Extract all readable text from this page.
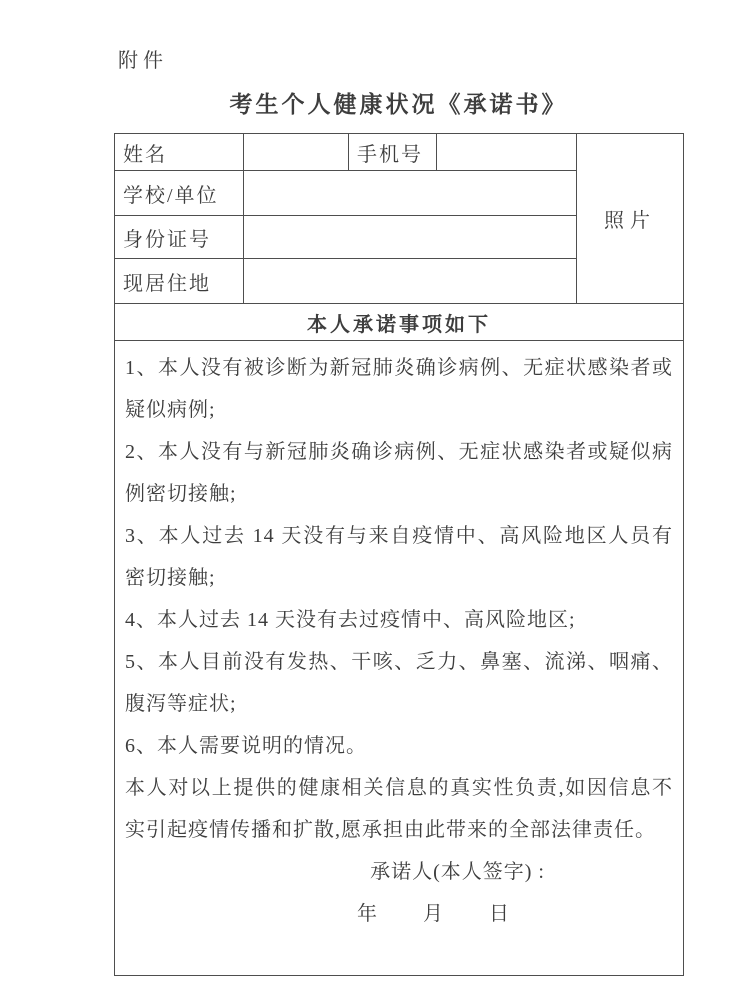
附件
考生个人健康状况《承诺书》
姓名		手机号		照片
学校/单位				
身份证号				
现居住地				
本人承诺事项如下				

1、本人没有被诊断为新冠肺炎确诊病例、无症状感染者或疑似病例;

2、本人没有与新冠肺炎确诊病例、无症状感染者或疑似病例密切接触;

3、本人过去 14 天没有与来自疫情中、高风险地区人员有密切接触;

4、本人过去 14 天没有去过疫情中、高风险地区;

5、本人目前没有发热、干咳、乏力、鼻塞、流涕、咽痛、腹泻等症状;

6、本人需要说明的情况。

本人对以上提供的健康相关信息的真实性负责,如因信息不实引起疫情传播和扩散,愿承担由此带来的全部法律责任。

承诺人(本人签字) :
年　　月　　日
